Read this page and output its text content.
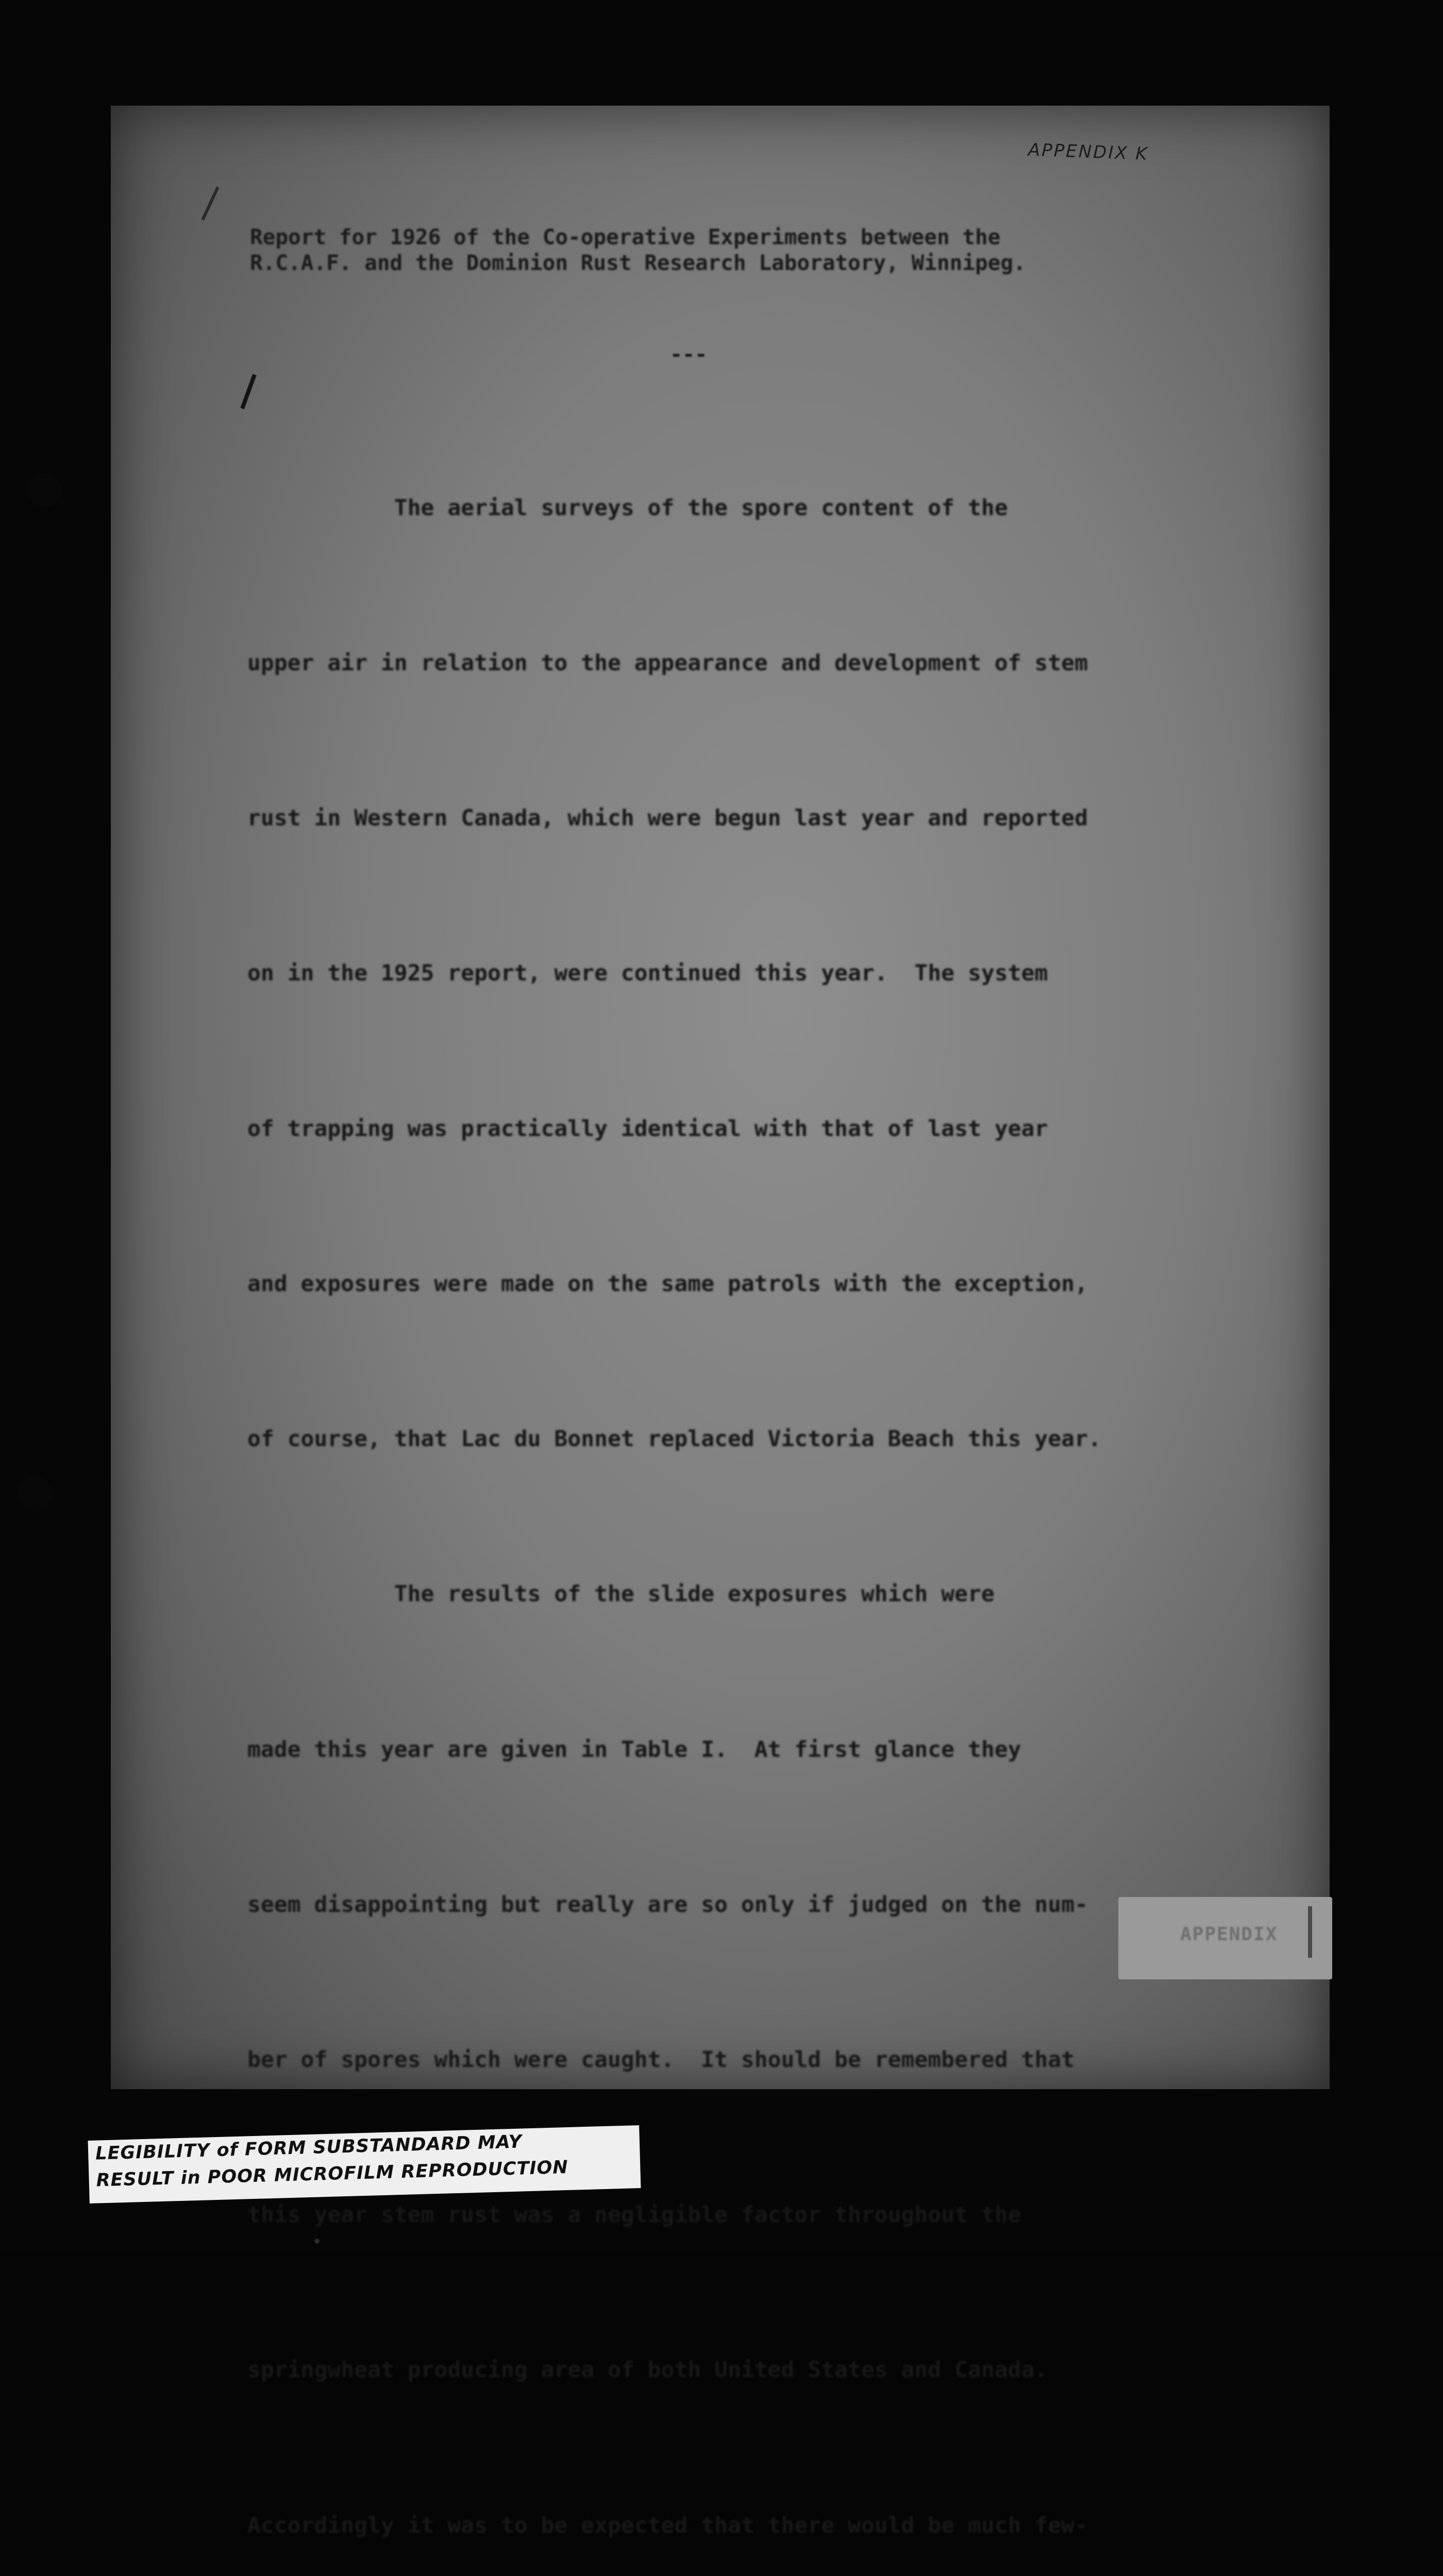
APPENDIX K
Report for 1926 of the Co-operative Experiments between the
R.C.A.F. and the Dominion Rust Research Laboratory, Winnipeg.
---

The aerial surveys of the spore content of the

upper air in relation to the appearance and development of stem

rust in Western Canada, which were begun last year and reported

on in the 1925 report, were continued this year.  The system

of trapping was practically identical with that of last year

and exposures were made on the same patrols with the exception,

of course, that Lac du Bonnet replaced Victoria Beach this year.

The results of the slide exposures which were

made this year are given in Table I.  At first glance they

seem disappointing but really are so only if judged on the num-

ber of spores which were caught.  It should be remembered that

this year stem rust was a negligible factor throughout the

springwheat producing area of both United States and Canada.

Accordingly it was to be expected that there would be much few-

APPENDIX
LEGIBILITY of FORM SUBSTANDARD MAY
RESULT in POOR MICROFILM REPRODUCTION
